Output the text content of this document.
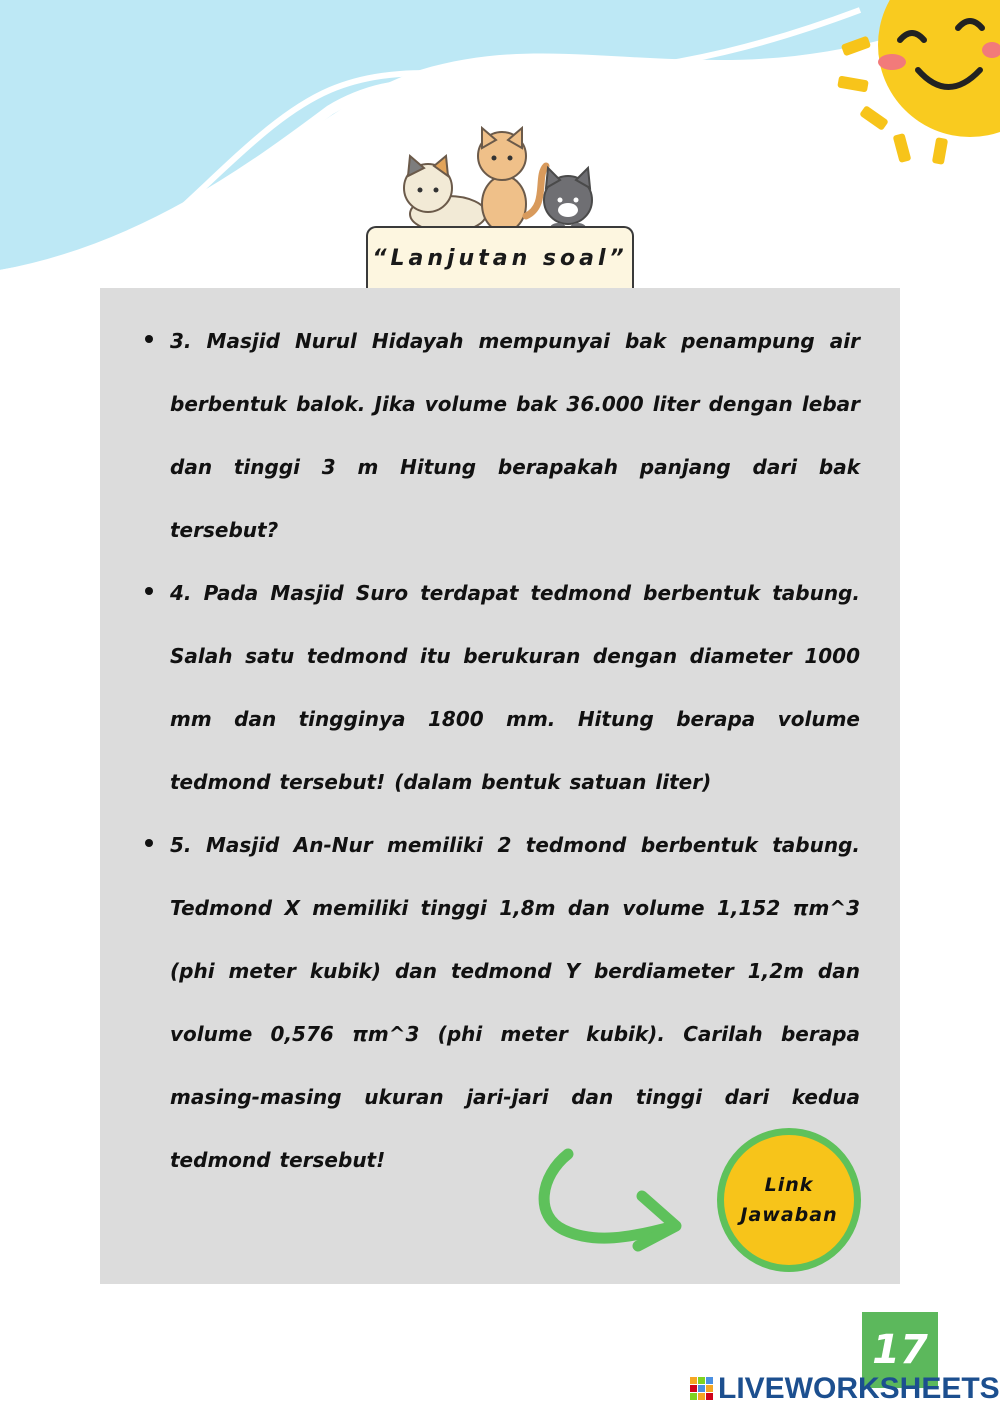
“Lanjutan soal”

3. Masjid Nurul Hidayah mempunyai bak penampung air berbentuk balok. Jika volume bak 36.000 liter dengan lebar dan tinggi 3 m Hitung berapakah panjang dari bak tersebut?

4. Pada Masjid Suro terdapat tedmond berbentuk tabung. Salah satu tedmond itu berukuran dengan diameter 1000 mm dan tingginya 1800 mm. Hitung berapa volume tedmond tersebut! (dalam bentuk satuan liter)

5. Masjid An-Nur memiliki 2 tedmond berbentuk tabung. Tedmond X memiliki tinggi 1,8m dan volume 1,152 πm^3 (phi meter kubik) dan tedmond Y berdiameter 1,2m dan volume 0,576 πm^3 (phi meter kubik). Carilah berapa masing-masing ukuran jari-jari dan tinggi dari kedua tedmond tersebut!

Link
Jawaban
17
LIVEWORKSHEETS
